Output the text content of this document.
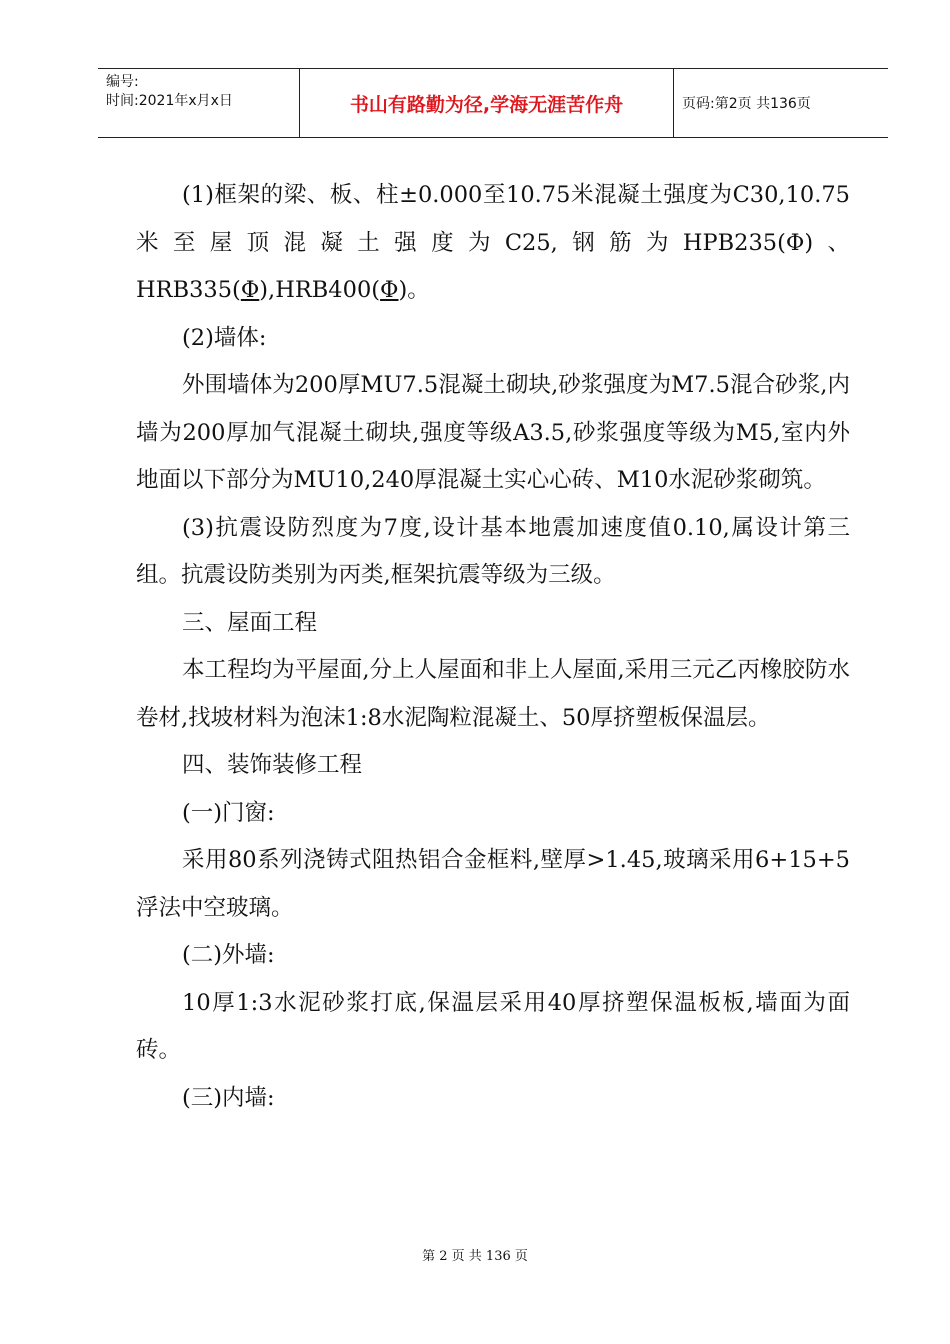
编号:
时间:2021年x月x日	书山有路勤为径,学海无涯苦作舟	页码:第2页 共136页

(1)框架的梁、板、柱±0.000至10.75米混凝土强度为C30,10.75米至屋顶混凝土强度为C25,钢筋为HPB235(Φ)、HRB335(Φ),HRB400(Φ)。

(2)墙体:

外围墙体为200厚MU7.5混凝土砌块,砂浆强度为M7.5混合砂浆,内墙为200厚加气混凝土砌块,强度等级A3.5,砂浆强度等级为M5,室内外地面以下部分为MU10,240厚混凝土实心心砖、M10水泥砂浆砌筑。

(3)抗震设防烈度为7度,设计基本地震加速度值0.10,属设计第三组。抗震设防类别为丙类,框架抗震等级为三级。

三、屋面工程

本工程均为平屋面,分上人屋面和非上人屋面,采用三元乙丙橡胶防水卷材,找坡材料为泡沫1:8水泥陶粒混凝土、50厚挤塑板保温层。

四、装饰装修工程

(一)门窗:

采用80系列浇铸式阻热铝合金框料,壁厚>1.45,玻璃采用6+15+5浮法中空玻璃。

(二)外墙:

10厚1:3水泥砂浆打底,保温层采用40厚挤塑保温板板,墙面为面砖。

(三)内墙:

第 2 页 共 136 页
